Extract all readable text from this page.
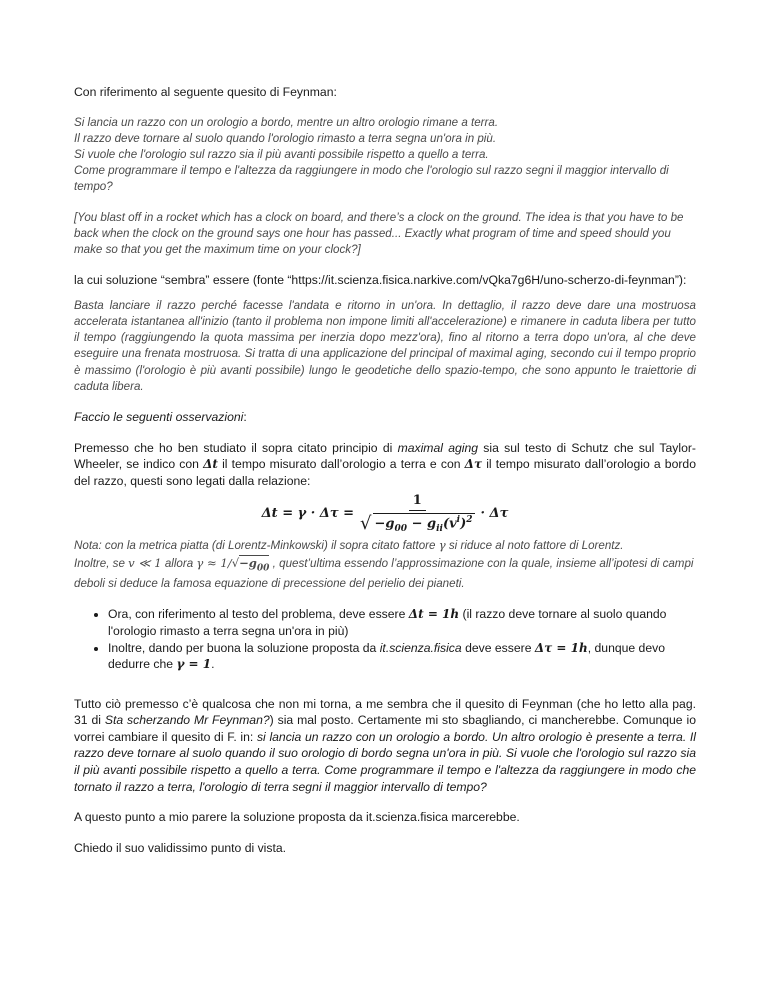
Con riferimento al seguente quesito di Feynman:

Si lancia un razzo con un orologio a bordo, mentre un altro orologio rimane a terra.

Il razzo deve tornare al suolo quando l'orologio rimasto a terra segna un'ora in più.

Si vuole che l'orologio sul razzo sia il più avanti possibile rispetto a quello a terra.

Come programmare il tempo e l'altezza da raggiungere in modo che l'orologio sul razzo segni il maggior intervallo di tempo?

[You blast off in a rocket which has a clock on board, and there’s a clock on the ground. The idea is that you have to be back when the clock on the ground says one hour has passed... Exactly what program of time and speed should you make so that you get the maximum time on your clock?]

la cui soluzione “sembra” essere (fonte “https://it.scienza.fisica.narkive.com/vQka7g6H/uno-scherzo-di-feynman”):

Basta lanciare il razzo perché facesse l'andata e ritorno in un'ora. In dettaglio, il razzo deve dare una mostruosa accelerata istantanea all'inizio (tanto il problema non impone limiti all'accelerazione) e rimanere in caduta libera per tutto il tempo (raggiungendo la quota massima per inerzia dopo mezz'ora), fino al ritorno a terra dopo un'ora, al che deve eseguire una frenata mostruosa. Si tratta di una applicazione del principal of maximal aging, secondo cui il tempo proprio è massimo (l'orologio è più avanti possibile) lungo le geodetiche dello spazio-tempo, che sono appunto le traiettorie di caduta libera.

Faccio le seguenti osservazioni:

Premesso che ho ben studiato il sopra citato principio di maximal aging sia sul testo di Schutz che sul Taylor-Wheeler, se indico con Δt il tempo misurato dall’orologio a terra e con Δτ il tempo misurato dall’orologio a bordo del razzo, questi sono legati dalla relazione:

$\Delta t = \gamma \cdot \Delta\tau = \frac{1}{√ -g_{00} - g_{ii}(v^i)^2} \cdot \Delta\tau$

Nota: con la metrica piatta (di Lorentz-Minkowski) il sopra citato fattore γ si riduce al noto fattore di Lorentz.
Inoltre, se v ≪ 1 allora $\gamma \approx 1/√-g_{00}$ , quest’ultima essendo l’approssimazione con la quale, insieme all’ipotesi di campi deboli si deduce la famosa equazione di precessione del perielio dei pianeti.

• Ora, con riferimento al testo del problema, deve essere Δt = 1h (il razzo deve tornare al suolo quando l'orologio rimasto a terra segna un'ora in più)
• Inoltre, dando per buona la soluzione proposta da it.scienza.fisica deve essere Δτ = 1h, dunque devo dedurre che γ = 1.

Tutto ciò premesso c’è qualcosa che non mi torna, a me sembra che il quesito di Feynman (che ho letto alla pag. 31 di Sta scherzando Mr Feynman?) sia mal posto. Certamente mi sto sbagliando, ci mancherebbe. Comunque io vorrei cambiare il quesito di F. in: si lancia un razzo con un orologio a bordo. Un altro orologio è presente a terra. Il razzo deve tornare al suolo quando il suo orologio di bordo segna un'ora in più. Si vuole che l'orologio sul razzo sia il più avanti possibile rispetto a quello a terra. Come programmare il tempo e l'altezza da raggiungere in modo che tornato il razzo a terra, l'orologio di terra segni il maggior intervallo di tempo?

A questo punto a mio parere la soluzione proposta da it.scienza.fisica marcerebbe.

Chiedo il suo validissimo punto di vista.
